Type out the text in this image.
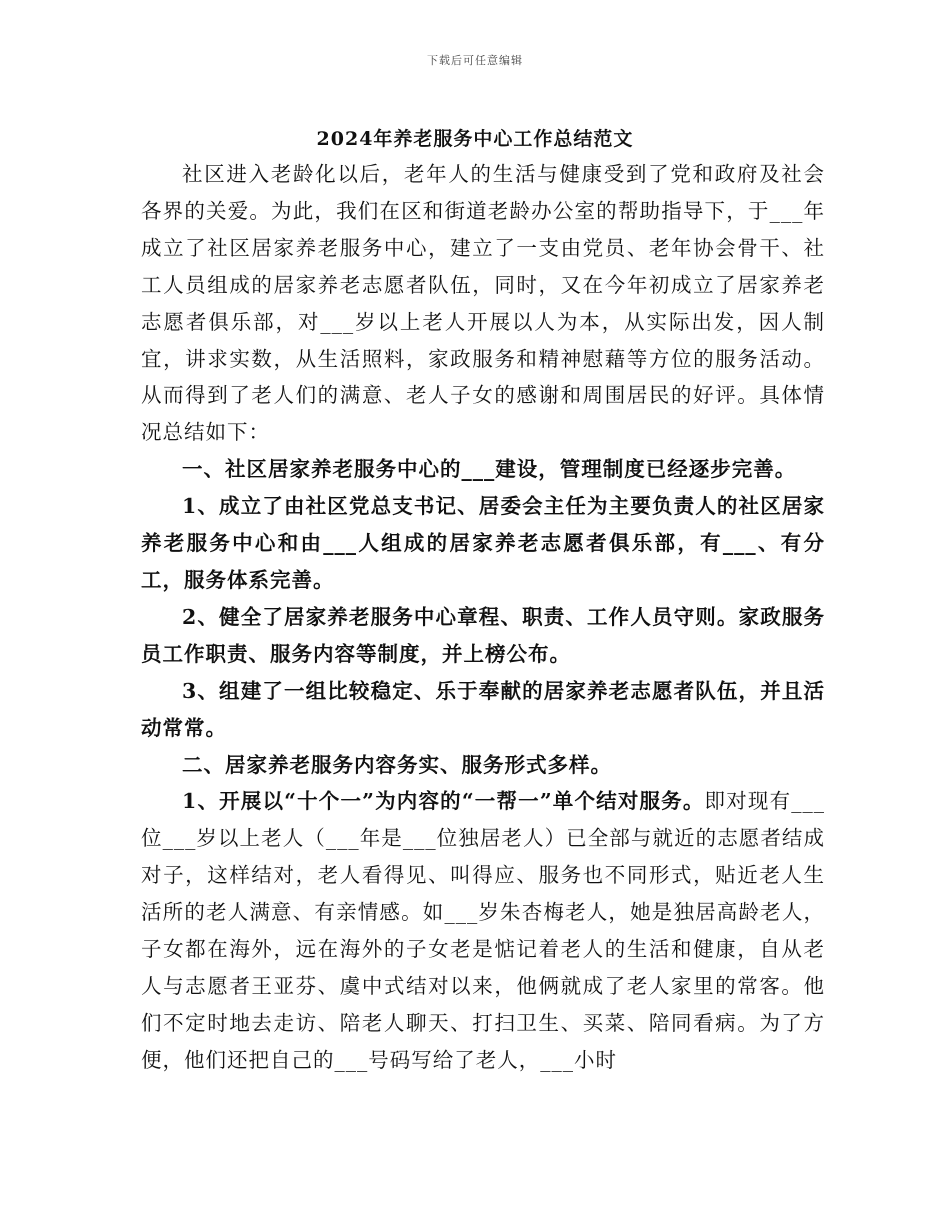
下载后可任意编辑
2024年养老服务中心工作总结范文

社区进入老龄化以后，老年人的生活与健康受到了党和政府及社会各界的关爱。为此，我们在区和街道老龄办公室的帮助指导下，于___年成立了社区居家养老服务中心，建立了一支由党员、老年协会骨干、社工人员组成的居家养老志愿者队伍，同时，又在今年初成立了居家养老志愿者俱乐部，对___岁以上老人开展以人为本，从实际出发，因人制宜，讲求实数，从生活照料，家政服务和精神慰藉等方位的服务活动。从而得到了老人们的满意、老人子女的感谢和周围居民的好评。具体情况总结如下：

一、社区居家养老服务中心的___建设，管理制度已经逐步完善。

1、成立了由社区党总支书记、居委会主任为主要负责人的社区居家养老服务中心和由___人组成的居家养老志愿者俱乐部，有___、有分工，服务体系完善。

2、健全了居家养老服务中心章程、职责、工作人员守则。家政服务员工作职责、服务内容等制度，并上榜公布。

3、组建了一组比较稳定、乐于奉献的居家养老志愿者队伍，并且活动常常。

二、居家养老服务内容务实、服务形式多样。

1、开展以“十个一”为内容的“一帮一”单个结对服务。即对现有___位___岁以上老人（___年是___位独居老人）已全部与就近的志愿者结成对子，这样结对，老人看得见、叫得应、服务也不同形式，贴近老人生活所的老人满意、有亲情感。如___岁朱杏梅老人，她是独居高龄老人，子女都在海外，远在海外的子女老是惦记着老人的生活和健康，自从老人与志愿者王亚芬、虞中式结对以来，他俩就成了老人家里的常客。他们不定时地去走访、陪老人聊天、打扫卫生、买菜、陪同看病。为了方便，他们还把自己的___号码写给了老人，___小时
